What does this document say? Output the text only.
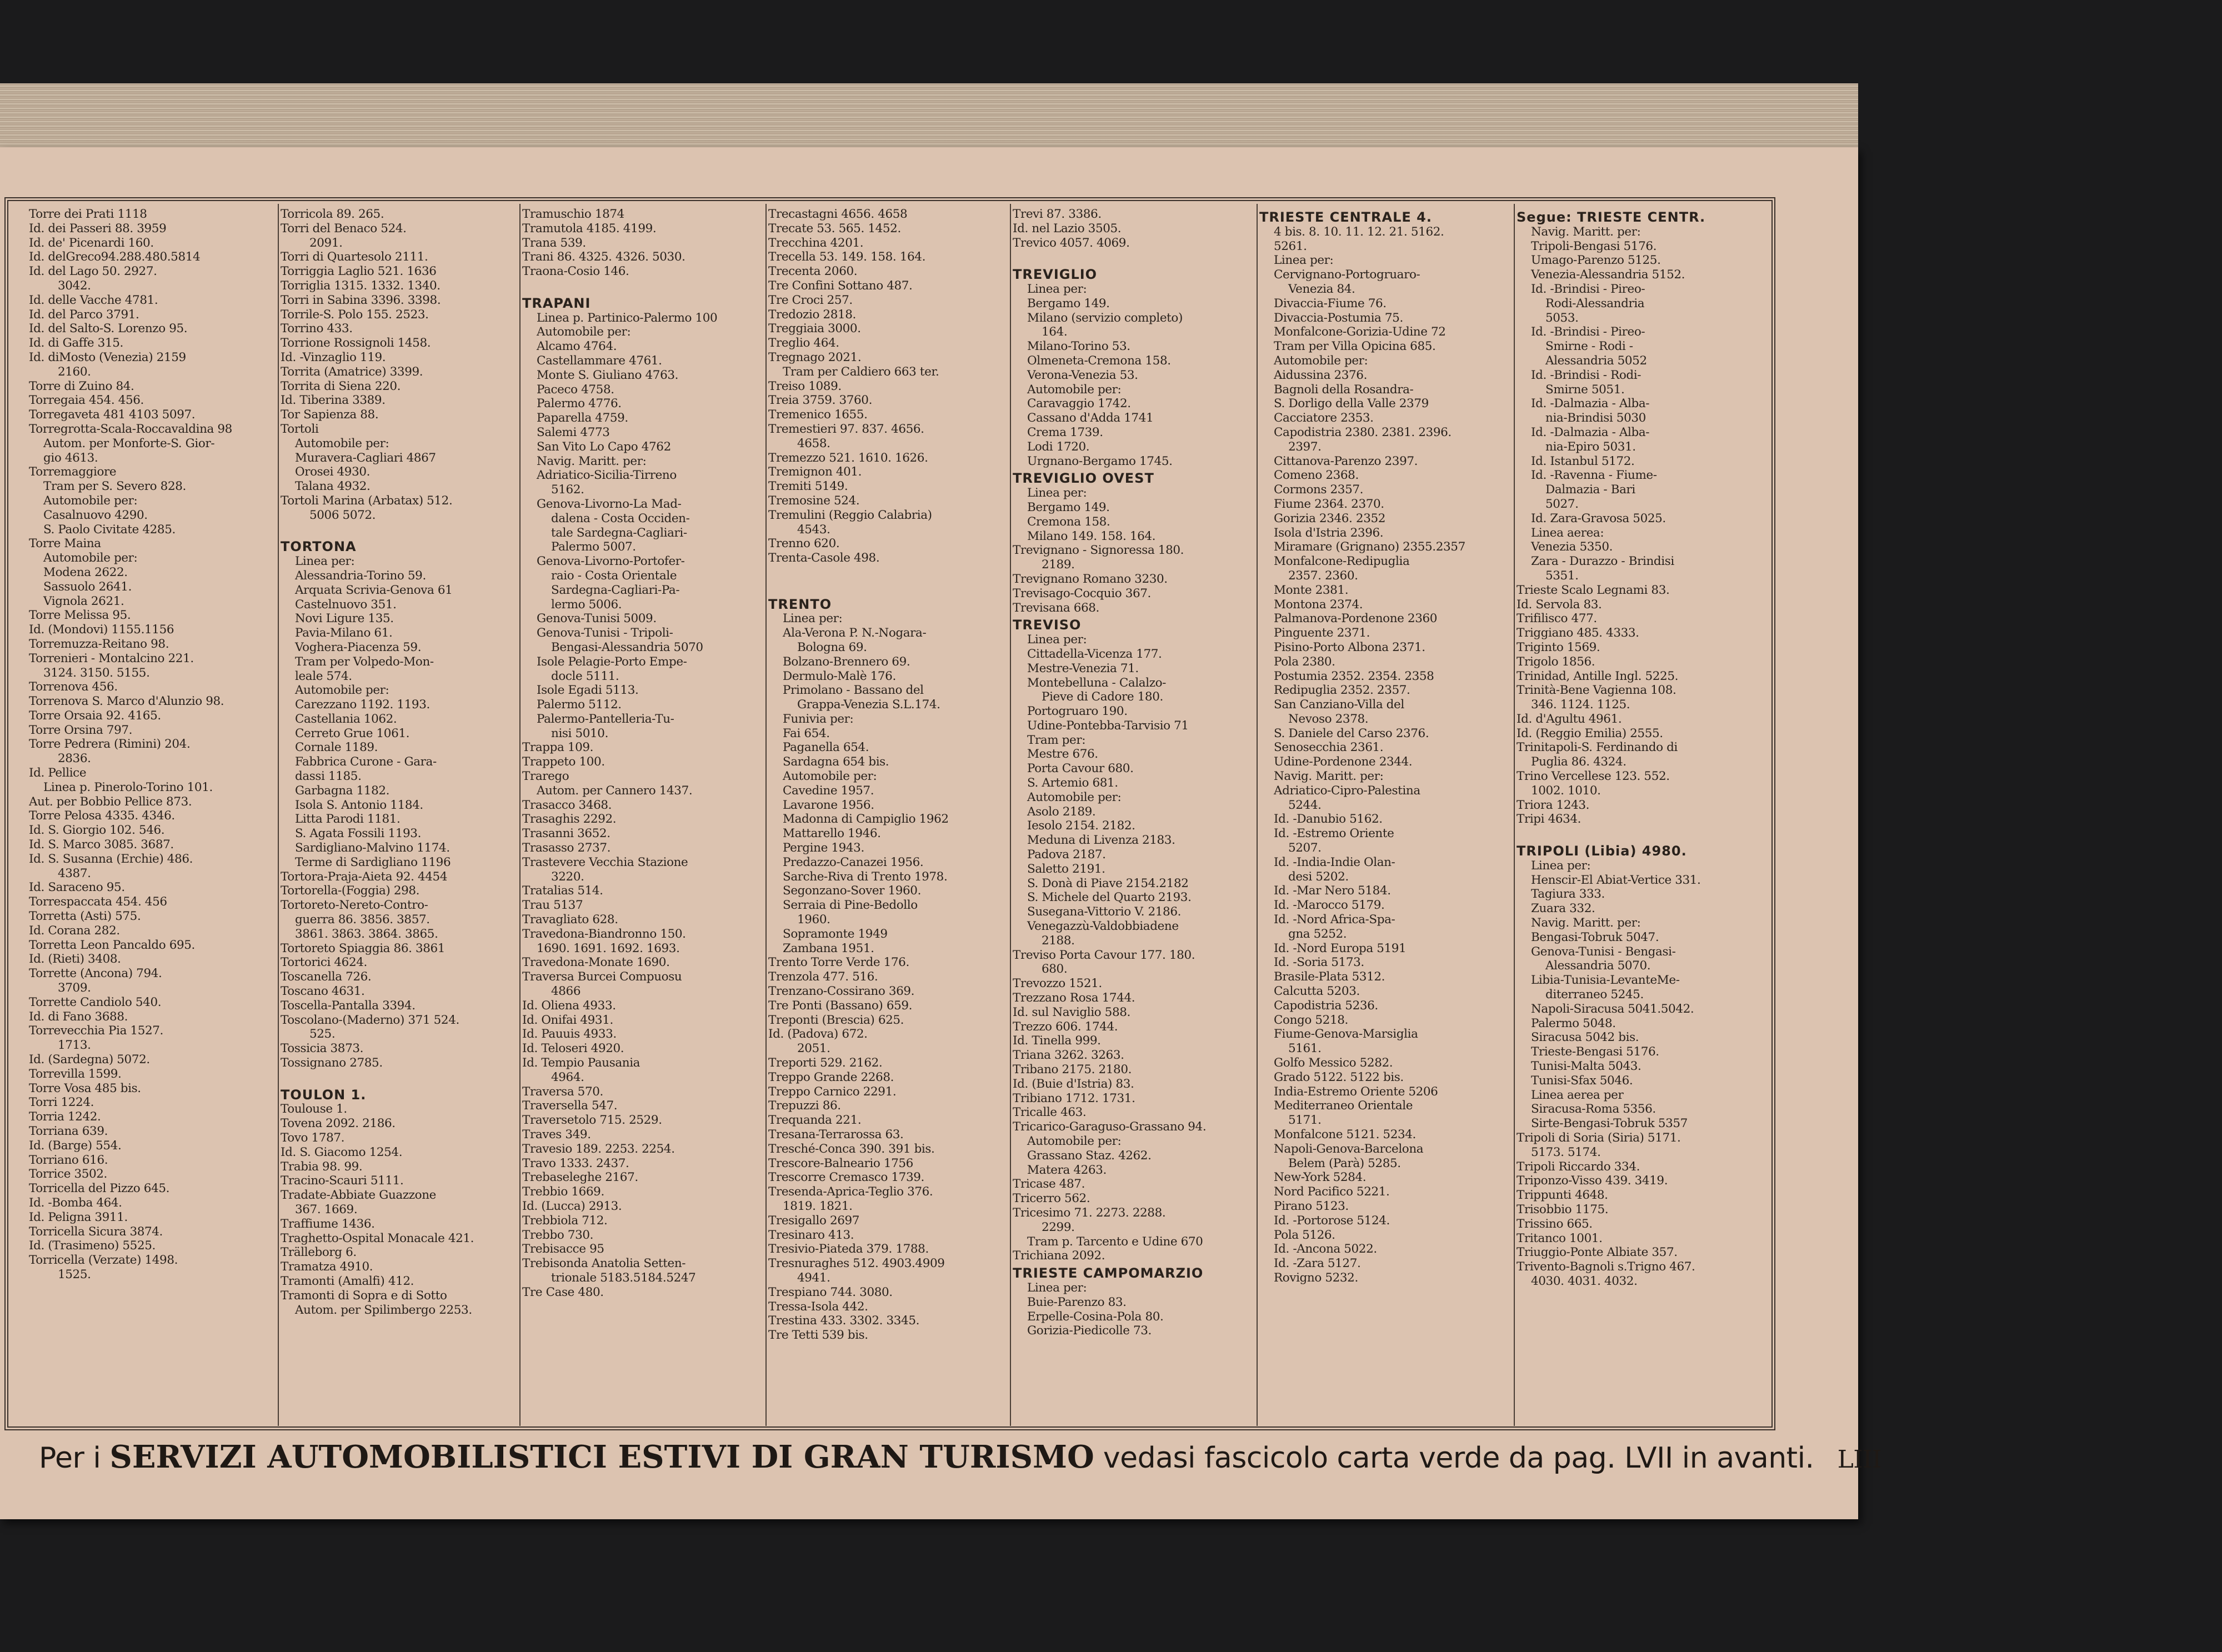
Torre dei Prati 1118
Id. dei Passeri 88. 3959
Id. de' Picenardi 160.
Id. delGreco94.288.480.5814
Id. del Lago 50. 2927.
3042.
Id. delle Vacche 4781.
Id. del Parco 3791.
Id. del Salto-S. Lorenzo 95.
Id. di Gaffe 315.
Id. diMosto (Venezia) 2159
2160.
Torre di Zuino 84.
Torregaia 454. 456.
Torregaveta 481 4103 5097.
Torregrotta-Scala-Roccavaldina 98
Autom. per Monforte-S. Gior-
gio 4613.
Torremaggiore
Tram per S. Severo 828.
Automobile per:
Casalnuovo 4290.
S. Paolo Civitate 4285.
Torre Maina
Automobile per:
Modena 2622.
Sassuolo 2641.
Vignola 2621.
Torre Melissa 95.
Id. (Mondovi) 1155.1156
Torremuzza-Reitano 98.
Torrenieri - Montalcino 221.
3124. 3150. 5155.
Torrenova 456.
Torrenova S. Marco d'Alunzio 98.
Torre Orsaia 92. 4165.
Torre Orsina 797.
Torre Pedrera (Rimini) 204.
2836.
Id. Pellice
Linea p. Pinerolo-Torino 101.
Aut. per Bobbio Pellice 873.
Torre Pelosa 4335. 4346.
Id. S. Giorgio 102. 546.
Id. S. Marco 3085. 3687.
Id. S. Susanna (Erchie) 486.
4387.
Id. Saraceno 95.
Torrespaccata 454. 456
Torretta (Asti) 575.
Id. Corana 282.
Torretta Leon Pancaldo 695.
Id. (Rieti) 3408.
Torrette (Ancona) 794.
3709.
Torrette Candiolo 540.
Id. di Fano 3688.
Torrevecchia Pia 1527.
1713.
Id. (Sardegna) 5072.
Torrevilla 1599.
Torre Vosa 485 bis.
Torri 1224.
Torria 1242.
Torriana 639.
Id. (Barge) 554.
Torriano 616.
Torrice 3502.
Torricella del Pizzo 645.
Id. -Bomba 464.
Id. Peligna 3911.
Torricella Sicura 3874.
Id. (Trasimeno) 5525.
Torricella (Verzate) 1498.
1525.
Torricola 89. 265.
Torri del Benaco 524.
2091.
Torri di Quartesolo 2111.
Torriggia Laglio 521. 1636
Torriglia 1315. 1332. 1340.
Torri in Sabina 3396. 3398.
Torrile-S. Polo 155. 2523.
Torrino 433.
Torrione Rossignoli 1458.
Id. -Vinzaglio 119.
Torrita (Amatrice) 3399.
Torrita di Siena 220.
Id. Tiberina 3389.
Tor Sapienza 88.
Tortoli
Automobile per:
Muravera-Cagliari 4867
Orosei 4930.
Talana 4932.
Tortoli Marina (Arbatax) 512.
5006 5072.

TORTONA
Linea per:
Alessandria-Torino 59.
Arquata Scrivia-Genova 61
Castelnuovo 351.
Novi Ligure 135.
Pavia-Milano 61.
Voghera-Piacenza 59.
Tram per Volpedo-Mon-
leale 574.
Automobile per:
Carezzano 1192. 1193.
Castellania 1062.
Cerreto Grue 1061.
Cornale 1189.
Fabbrica Curone - Gara-
dassi 1185.
Garbagna 1182.
Isola S. Antonio 1184.
Litta Parodi 1181.
S. Agata Fossili 1193.
Sardigliano-Malvino 1174.
Terme di Sardigliano 1196
Tortora-Praja-Aieta 92. 4454
Tortorella-(Foggia) 298.
Tortoreto-Nereto-Contro-
guerra 86. 3856. 3857.
3861. 3863. 3864. 3865.
Tortoreto Spiaggia 86. 3861
Tortorici 4624.
Toscanella 726.
Toscano 4631.
Toscella-Pantalla 3394.
Toscolano-(Maderno) 371 524.
525.
Tossicia 3873.
Tossignano 2785.

TOULON 1.
Toulouse 1.
Tovena 2092. 2186.
Tovo 1787.
Id. S. Giacomo 1254.
Trabia 98. 99.
Tracino-Scauri 5111.
Tradate-Abbiate Guazzone
367. 1669.
Traffiume 1436.
Traghetto-Ospital Monacale 421.
Trälleborg 6.
Tramatza 4910.
Tramonti (Amalfi) 412.
Tramonti di Sopra e di Sotto
Autom. per Spilimbergo 2253.
Tramuschio 1874
Tramutola 4185. 4199.
Trana 539.
Trani 86. 4325. 4326. 5030.
Traona-Cosio 146.

TRAPANI
Linea p. Partinico-Palermo 100
Automobile per:
Alcamo 4764.
Castellammare 4761.
Monte S. Giuliano 4763.
Paceco 4758.
Palermo 4776.
Paparella 4759.
Salemi 4773
San Vito Lo Capo 4762
Navig. Maritt. per:
Adriatico-Sicilia-Tirreno
5162.
Genova-Livorno-La Mad-
dalena - Costa Occiden-
tale Sardegna-Cagliari-
Palermo 5007.
Genova-Livorno-Portofer-
raio - Costa Orientale
Sardegna-Cagliari-Pa-
lermo 5006.
Genova-Tunisi 5009.
Genova-Tunisi - Tripoli-
Bengasi-Alessandria 5070
Isole Pelagie-Porto Empe-
docle 5111.
Isole Egadi 5113.
Palermo 5112.
Palermo-Pantelleria-Tu-
nisi 5010.
Trappa 109.
Trappeto 100.
Trarego
Autom. per Cannero 1437.
Trasacco 3468.
Trasaghis 2292.
Trasanni 3652.
Trasasso 2737.
Trastevere Vecchia Stazione
3220.
Tratalias 514.
Trau 5137
Travagliato 628.
Travedona-Biandronno 150.
1690. 1691. 1692. 1693.
Travedona-Monate 1690.
Traversa Burcei Compuosu
4866
Id. Oliena 4933.
Id. Onifai 4931.
Id. Pauuis 4933.
Id. Teloseri 4920.
Id. Tempio Pausania
4964.
Traversa 570.
Traversella 547.
Traversetolo 715. 2529.
Traves 349.
Travesio 189. 2253. 2254.
Travo 1333. 2437.
Trebaseleghe 2167.
Trebbio 1669.
Id. (Lucca) 2913.
Trebbiola 712.
Trebbo 730.
Trebisacce 95
Trebisonda Anatolia Setten-
trionale 5183.5184.5247
Tre Case 480.
Trecastagni 4656. 4658
Trecate 53. 565. 1452.
Trecchina 4201.
Trecella 53. 149. 158. 164.
Trecenta 2060.
Tre Confini Sottano 487.
Tre Croci 257.
Tredozio 2818.
Treggiaia 3000.
Treglio 464.
Tregnago 2021.
Tram per Caldiero 663 ter.
Treiso 1089.
Treia 3759. 3760.
Tremenico 1655.
Tremestieri 97. 837. 4656.
4658.
Tremezzo 521. 1610. 1626.
Tremignon 401.
Tremiti 5149.
Tremosine 524.
Tremulini (Reggio Calabria)
4543.
Trenno 620.
Trenta-Casole 498.

TRENTO
Linea per:
Ala-Verona P. N.-Nogara-
Bologna 69.
Bolzano-Brennero 69.
Dermulo-Malè 176.
Primolano - Bassano del
Grappa-Venezia S.L.174.
Funivia per:
Fai 654.
Paganella 654.
Sardagna 654 bis.
Automobile per:
Cavedine 1957.
Lavarone 1956.
Madonna di Campiglio 1962
Mattarello 1946.
Pergine 1943.
Predazzo-Canazei 1956.
Sarche-Riva di Trento 1978.
Segonzano-Sover 1960.
Serraia di Pine-Bedollo
1960.
Sopramonte 1949
Zambana 1951.
Trento Torre Verde 176.
Trenzola 477. 516.
Trenzano-Cossirano 369.
Tre Ponti (Bassano) 659.
Treponti (Brescia) 625.
Id. (Padova) 672.
2051.
Treporti 529. 2162.
Treppo Grande 2268.
Treppo Carnico 2291.
Trepuzzi 86.
Trequanda 221.
Tresana-Terrarossa 63.
Tresché-Conca 390. 391 bis.
Trescore-Balneario 1756
Trescorre Cremasco 1739.
Tresenda-Aprica-Teglio 376.
1819. 1821.
Tresigallo 2697
Tresinaro 413.
Tresivio-Piateda 379. 1788.
Tresnuraghes 512. 4903.4909
4941.
Trespiano 744. 3080.
Tressa-Isola 442.
Trestina 433. 3302. 3345.
Tre Tetti 539 bis.
Trevi 87. 3386.
Id. nel Lazio 3505.
Trevico 4057. 4069.

TREVIGLIO
Linea per:
Bergamo 149.
Milano (servizio completo)
164.
Milano-Torino 53.
Olmeneta-Cremona 158.
Verona-Venezia 53.
Automobile per:
Caravaggio 1742.
Cassano d'Adda 1741
Crema 1739.
Lodi 1720.
Urgnano-Bergamo 1745.
TREVIGLIO OVEST
Linea per:
Bergamo 149.
Cremona 158.
Milano 149. 158. 164.
Trevignano - Signoressa 180.
2189.
Trevignano Romano 3230.
Trevisago-Cocquio 367.
Trevisana 668.
TREVISO
Linea per:
Cittadella-Vicenza 177.
Mestre-Venezia 71.
Montebelluna - Calalzo-
Pieve di Cadore 180.
Portogruaro 190.
Udine-Pontebba-Tarvisio 71
Tram per:
Mestre 676.
Porta Cavour 680.
S. Artemio 681.
Automobile per:
Asolo 2189.
Iesolo 2154. 2182.
Meduna di Livenza 2183.
Padova 2187.
Saletto 2191.
S. Donà di Piave 2154.2182
S. Michele del Quarto 2193.
Susegana-Vittorio V. 2186.
Venegazzù-Valdobbiadene
2188.
Treviso Porta Cavour 177. 180.
680.
Trevozzo 1521.
Trezzano Rosa 1744.
Id. sul Naviglio 588.
Trezzo 606. 1744.
Id. Tinella 999.
Triana 3262. 3263.
Tribano 2175. 2180.
Id. (Buie d'Istria) 83.
Tribiano 1712. 1731.
Tricalle 463.
Tricarico-Garaguso-Grassano 94.
Automobile per:
Grassano Staz. 4262.
Matera 4263.
Tricase 487.
Tricerro 562.
Tricesimo 71. 2273. 2288.
2299.
Tram p. Tarcento e Udine 670
Trichiana 2092.
TRIESTE CAMPOMARZIO
Linea per:
Buie-Parenzo 83.
Erpelle-Cosina-Pola 80.
Gorizia-Piedicolle 73.
TRIESTE CENTRALE 4.
4 bis. 8. 10. 11. 12. 21. 5162.
5261.
Linea per:
Cervignano-Portogruaro-
Venezia 84.
Divaccia-Fiume 76.
Divaccia-Postumia 75.
Monfalcone-Gorizia-Udine 72
Tram per Villa Opicina 685.
Automobile per:
Aidussina 2376.
Bagnoli della Rosandra-
S. Dorligo della Valle 2379
Cacciatore 2353.
Capodistria 2380. 2381. 2396.
2397.
Cittanova-Parenzo 2397.
Comeno 2368.
Cormons 2357.
Fiume 2364. 2370.
Gorizia 2346. 2352
Isola d'Istria 2396.
Miramare (Grignano) 2355.2357
Monfalcone-Redipuglia
2357. 2360.
Monte 2381.
Montona 2374.
Palmanova-Pordenone 2360
Pinguente 2371.
Pisino-Porto Albona 2371.
Pola 2380.
Postumia 2352. 2354. 2358
Redipuglia 2352. 2357.
San Canziano-Villa del
Nevoso 2378.
S. Daniele del Carso 2376.
Senosecchia 2361.
Udine-Pordenone 2344.
Navig. Maritt. per:
Adriatico-Cipro-Palestina
5244.
Id. -Danubio 5162.
Id. -Estremo Oriente
5207.
Id. -India-Indie Olan-
desi 5202.
Id. -Mar Nero 5184.
Id. -Marocco 5179.
Id. -Nord Africa-Spa-
gna 5252.
Id. -Nord Europa 5191
Id. -Soria 5173.
Brasile-Plata 5312.
Calcutta 5203.
Capodistria 5236.
Congo 5218.
Fiume-Genova-Marsiglia
5161.
Golfo Messico 5282.
Grado 5122. 5122 bis.
India-Estremo Oriente 5206
Mediterraneo Orientale
5171.
Monfalcone 5121. 5234.
Napoli-Genova-Barcelona
Belem (Parà) 5285.
New-York 5284.
Nord Pacifico 5221.
Pirano 5123.
Id. -Portorose 5124.
Pola 5126.
Id. -Ancona 5022.
Id. -Zara 5127.
Rovigno 5232.
Segue: TRIESTE CENTR.
Navig. Maritt. per:
Tripoli-Bengasi 5176.
Umago-Parenzo 5125.
Venezia-Alessandria 5152.
Id. -Brindisi - Pireo-
Rodi-Alessandria
5053.
Id. -Brindisi - Pireo-
Smirne - Rodi -
Alessandria 5052
Id. -Brindisi - Rodi-
Smirne 5051.
Id. -Dalmazia - Alba-
nia-Brindisi 5030
Id. -Dalmazia - Alba-
nia-Epiro 5031.
Id. Istanbul 5172.
Id. -Ravenna - Fiume-
Dalmazia - Bari
5027.
Id. Zara-Gravosa 5025.
Linea aerea:
Venezia 5350.
Zara - Durazzo - Brindisi
5351.
Trieste Scalo Legnami 83.
Id. Servola 83.
Trifilisco 477.
Triggiano 485. 4333.
Triginto 1569.
Trigolo 1856.
Trinidad, Antille Ingl. 5225.
Trinità-Bene Vagienna 108.
346. 1124. 1125.
Id. d'Agultu 4961.
Id. (Reggio Emilia) 2555.
Trinitapoli-S. Ferdinando di
Puglia 86. 4324.
Trino Vercellese 123. 552.
1002. 1010.
Triora 1243.
Tripi 4634.

TRIPOLI (Libia) 4980.
Linea per:
Henscir-El Abiat-Vertice 331.
Tagiura 333.
Zuara 332.
Navig. Maritt. per:
Bengasi-Tobruk 5047.
Genova-Tunisi - Bengasi-
Alessandria 5070.
Libia-Tunisia-LevanteMe-
diterraneo 5245.
Napoli-Siracusa 5041.5042.
Palermo 5048.
Siracusa 5042 bis.
Trieste-Bengasi 5176.
Tunisi-Malta 5043.
Tunisi-Sfax 5046.
Linea aerea per
Siracusa-Roma 5356.
Sirte-Bengasi-Tobruk 5357
Tripoli di Soria (Siria) 5171.
5173. 5174.
Tripoli Riccardo 334.
Triponzo-Visso 439. 3419.
Trippunti 4648.
Trisobbio 1175.
Trissino 665.
Tritanco 1001.
Triuggio-Ponte Albiate 357.
Trivento-Bagnoli s.Trigno 467.
4030. 4031. 4032.
Per i SERVIZI AUTOMOBILISTICI ESTIVI DI GRAN TURISMO vedasi fascicolo carta verde da pag. LVII in avanti. LIII
